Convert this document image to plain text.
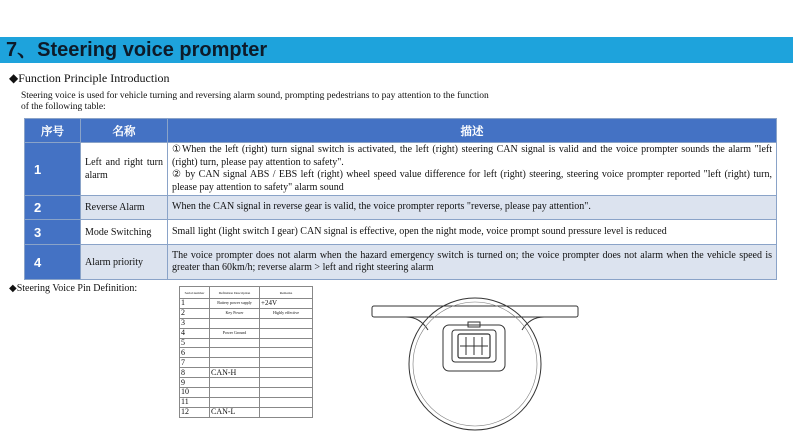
7、Steering voice prompter
◆Function Principle Introduction
Steering voice is used for vehicle turning and reversing alarm sound, prompting pedestrians to pay attention to the function
of the following table:
序号	名称	描述
1	Left and right turn alarm	①When the left (right) turn signal switch is activated, the left (right) steering CAN signal is valid and the voice prompter sounds the alarm "left (right) turn, please pay attention to safety".
② by CAN signal ABS / EBS left (right) wheel speed value difference for left (right) steering, steering voice prompter reported "left (right) turn, please pay attention to safety" alarm sound

2	Reverse Alarm	When the CAN signal in reverse gear is valid, the voice prompter reports "reverse, please pay attention".

3	Mode Switching	Small light (light switch I gear) CAN signal is effective, open the night mode, voice prompt sound pressure level is reduced

4	Alarm priority	The voice prompter does not alarm when the hazard emergency switch is turned on; the voice prompter does not alarm when the vehicle speed is greater than 60km/h; reverse alarm > left and right steering alarm
◆Steering Voice Pin Definition:	Serial number	Definition Description	Remarks
1	Battery power supply	+24V
2	Key Power	Highly effective
3		
4	Power Ground	
5		
6		
7		
8	CAN-H	
9		
10		
11		
12	CAN-L	
